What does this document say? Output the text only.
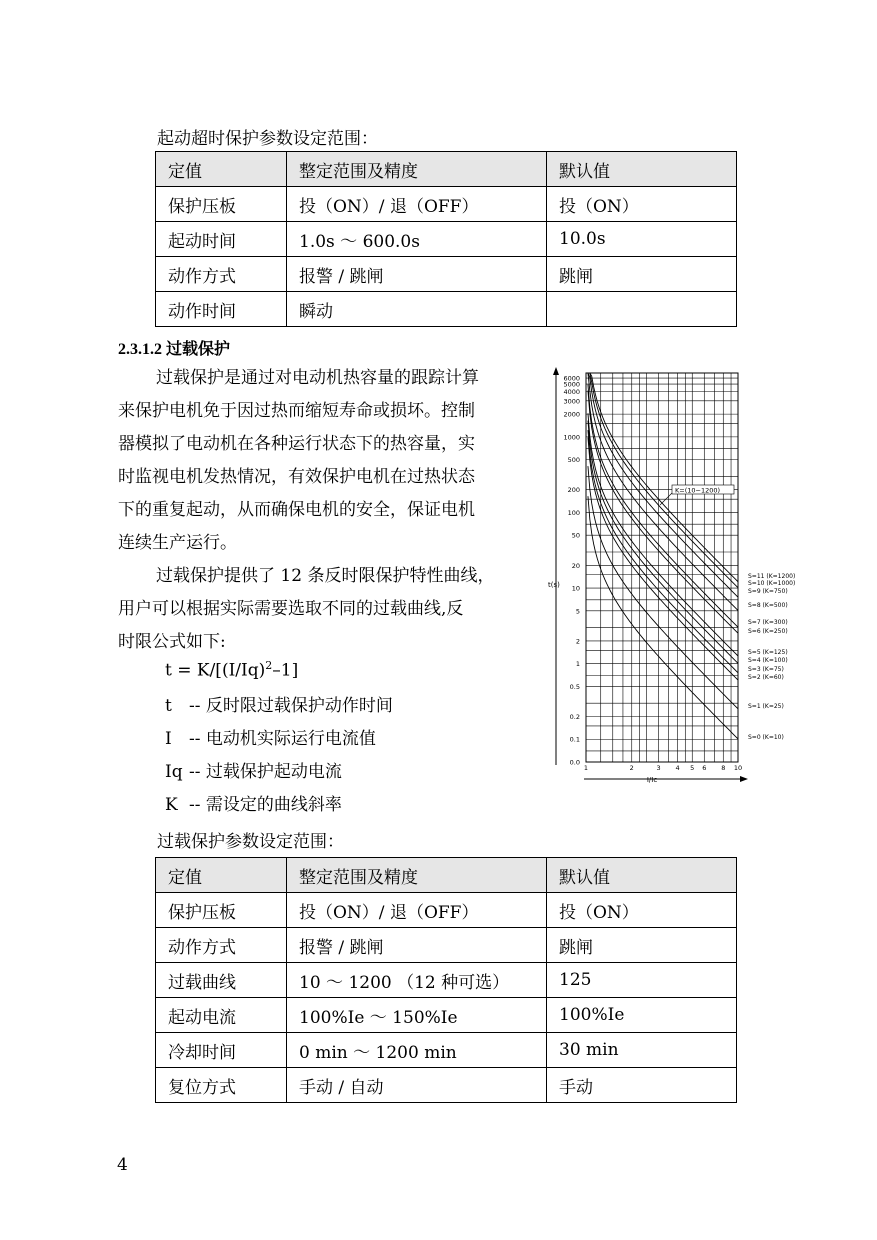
起动超时保护参数设定范围：
定值	整定范围及精度	默认值
保护压板	投（ON）/ 退（OFF）	投（ON）
起动时间	1.0s ～ 600.0s	10.0s
动作方式	报警 / 跳闸	跳闸
动作时间	瞬动	
2.3.1.2 过载保护
过载保护是通过对电动机热容量的跟踪计算
来保护电机免于因过热而缩短寿命或损坏。控制
器模拟了电动机在各种运行状态下的热容量，实
时监视电机发热情况，有效保护电机在过热状态
下的重复起动，从而确保电机的安全，保证电机
连续生产运行。
过载保护提供了 12 条反时限保护特性曲线，
用户可以根据实际需要选取不同的过载曲线,反
时限公式如下:
$t = K/[(I/Iq)^2-1]$
t -- 反时限过载保护动作时间
I -- 电动机实际运行电流值
Iq -- 过载保护起动电流
K -- 需设定的曲线斜率
6000
5000
4000
3000
2000
1000
500
200
100
50
20
10
5
2
1
0.5
0.2
0.1
0.0
1	2	3 4 5 6 8 10
t(s)
I/Ic
K=(10~1200)
S=11 (K=1200)
S=10 (K=1000)
S=9 (K=750)
S=8 (K=500)
S=7 (K=300)
S=6 (K=250)
S=5 (K=125)
S=4 (K=100)
S=3 (K=75)
S=2 (K=60)
S=1 (K=25)
S=0 (K=10)
过载保护参数设定范围：
定值	整定范围及精度	默认值
保护压板	投（ON）/ 退（OFF）	投（ON）
动作方式	报警 / 跳闸	跳闸
过载曲线	10 ～ 1200 （12 种可选）	125
起动电流	100%Ie ～ 150%Ie	100%Ie
冷却时间	0 min ～ 1200 min	30 min
复位方式	手动 / 自动	手动
4
